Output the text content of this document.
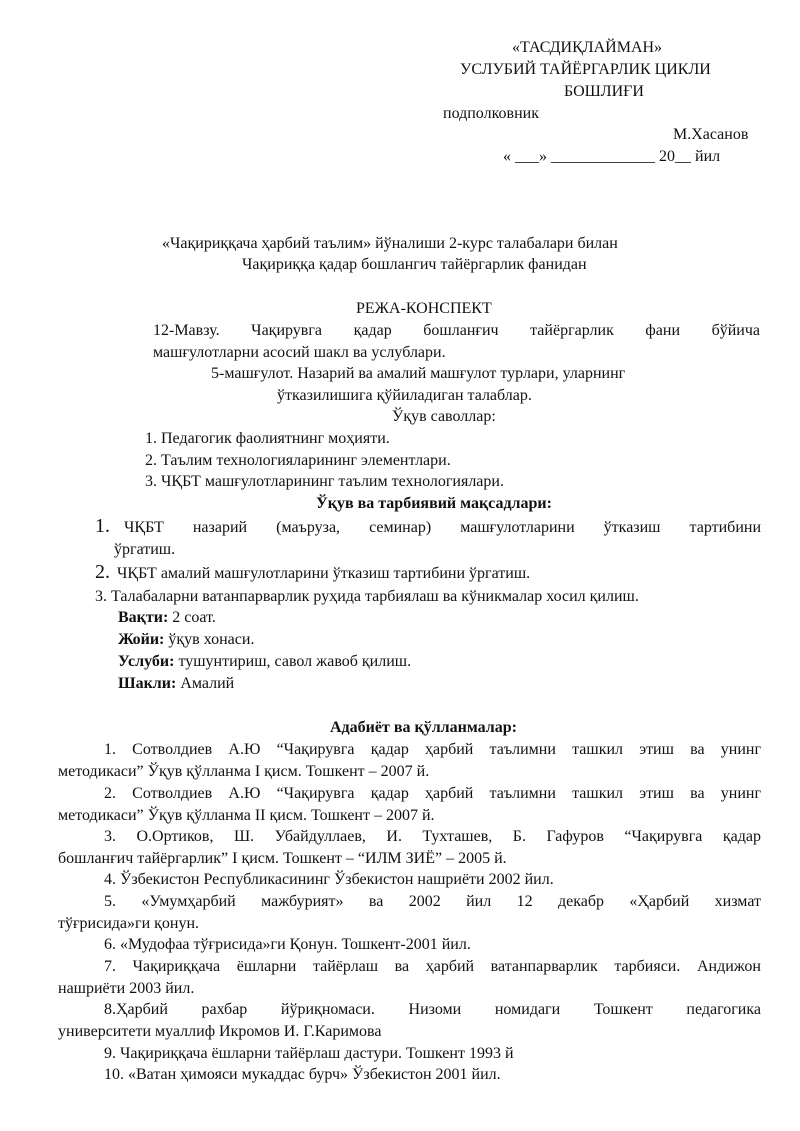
«ТАСДИҚЛАЙМАН»
УСЛУБИЙ ТАЙЁРГАРЛИК ЦИКЛИ
БОШЛИҒИ
подполковник
М.Хасанов
« ___» _____________ 20__ йил
«Чақириққача ҳарбий таълим» йўналиши 2-курс талабалари билан
Чақириққа қадар бошлангич тайёргарлик фанидан
РЕЖА-КОНСПЕКТ
12-Мавзу. Чақирувга қадар бошланғич тайёргарлик фани бўйича
машғулотларни асосий шакл ва услублари.
5-машғулот. Назарий ва амалий машғулот турлари, уларнинг
ўтказилишига қўйиладиган талаблар.
Ўқув саволлар:
1. Педагогик фаолиятнинг моҳияти.
2. Таълим технологияларининг элементлари.
3. ЧҚБТ машғулотларининг таълим технологиялари.
Ўқув ва тарбиявий мақсадлари:
1. ЧҚБТ назарий (маъруза, семинар) машғулотларини ўтказиш тартибини
ўргатиш.
2. ЧҚБТ амалий машғулотларини ўтказиш тартибини ўргатиш.
3. Талабаларни ватанпарварлик руҳида тарбиялаш ва кўникмалар хосил қилиш.
Вақти: 2 соат.
Жойи: ўқув хонаси.
Услуби: тушунтириш, савол жавоб қилиш.
Шакли: Амалий
Адабиёт ва қўлланмалар:
1. Сотволдиев А.Ю “Чақирувга қадар ҳарбий таълимни ташкил этиш ва унинг
методикаси” Ўқув қўлланма I қисм. Тошкент – 2007 й.
2. Сотволдиев А.Ю “Чақирувга қадар ҳарбий таълимни ташкил этиш ва унинг
методикаси” Ўқув қўлланма II қисм. Тошкент – 2007 й.
3. О.Ортиков, Ш. Убайдуллаев, И. Тухташев, Б. Гафуров “Чақирувга қадар
бошланғич тайёргарлик” I қисм. Тошкент – “ИЛМ ЗИЁ” – 2005 й.
4. Ўзбекистон Республикасининг Ўзбекистон нашриёти 2002 йил.
5. «Умумҳарбий мажбурият» ва 2002 йил 12 декабр «Ҳарбий хизмат
тўғрисида»ги қонун.
6. «Мудофаа тўғрисида»ги Қонун. Тошкент-2001 йил.
7. Чақириққача ёшларни тайёрлаш ва ҳарбий ватанпарварлик тарбияси. Андижон
нашриёти 2003 йил.
8.Ҳарбий рахбар йўриқномаси. Низоми номидаги Тошкент педагогика
университети муаллиф Икромов И. Г.Каримова
9. Чақириққача ёшларни тайёрлаш дастури. Тошкент 1993 й
10. «Ватан ҳимояси мукаддас бурч» Ўзбекистон 2001 йил.
